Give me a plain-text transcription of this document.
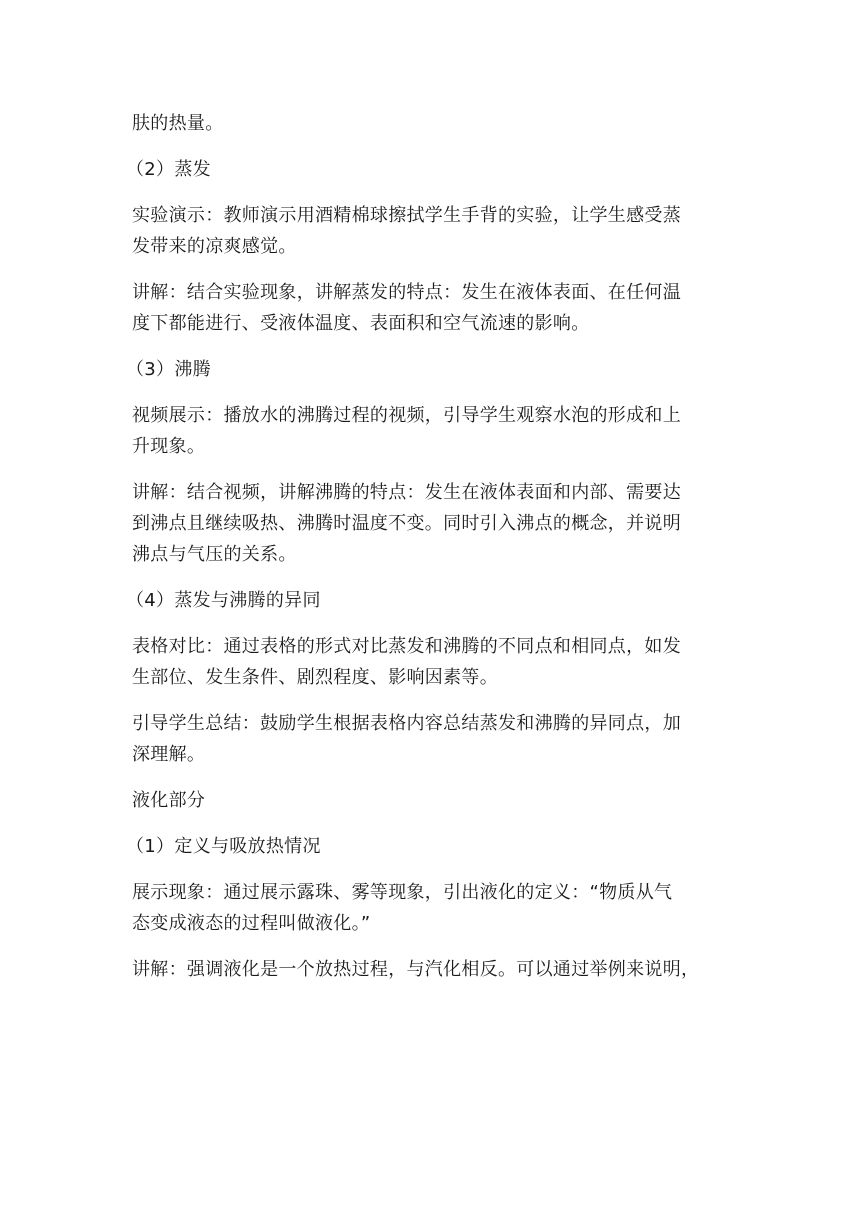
肤的热量。
（2）蒸发
实验演示：教师演示用酒精棉球擦拭学生手背的实验，让学生感受蒸
发带来的凉爽感觉。
讲解：结合实验现象，讲解蒸发的特点：发生在液体表面、在任何温
度下都能进行、受液体温度、表面积和空气流速的影响。
（3）沸腾
视频展示：播放水的沸腾过程的视频，引导学生观察水泡的形成和上
升现象。
讲解：结合视频，讲解沸腾的特点：发生在液体表面和内部、需要达
到沸点且继续吸热、沸腾时温度不变。同时引入沸点的概念，并说明
沸点与气压的关系。
（4）蒸发与沸腾的异同
表格对比：通过表格的形式对比蒸发和沸腾的不同点和相同点，如发
生部位、发生条件、剧烈程度、影响因素等。
引导学生总结：鼓励学生根据表格内容总结蒸发和沸腾的异同点，加
深理解。
液化部分
（1）定义与吸放热情况
展示现象：通过展示露珠、雾等现象，引出液化的定义：“物质从气
态变成液态的过程叫做液化。”
讲解：强调液化是一个放热过程，与汽化相反。可以通过举例来说明，
